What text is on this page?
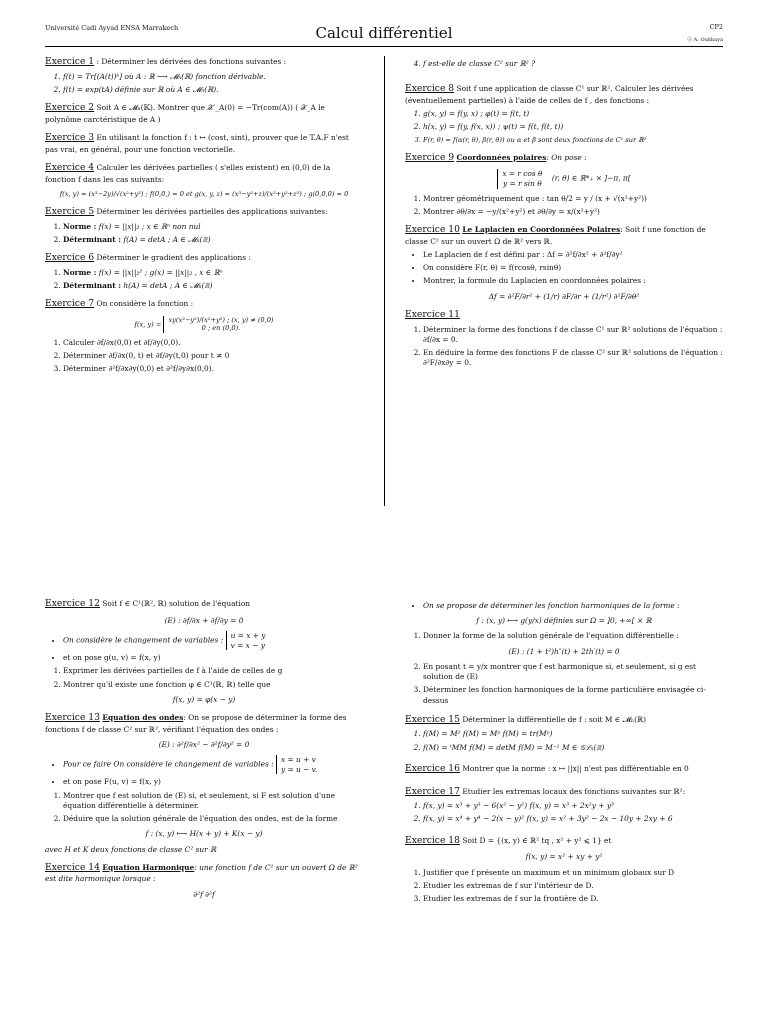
Université Cadi Ayyad ENSA Marrakech	Calcul différentiel	CP2
Ⓐ A. Ouhbaya
Exercice 1 : Déterminer les dérivées des fonctions suivantes :
1. f(t) = Tr[(A(t))ᵏ] où A : ℝ ⟶ 𝓜ₙ(ℝ) fonction dérivable.
2. f(t) = exp(tA) définie sur ℝ où A ∈ 𝓜ₙ(ℝ).
Exercice 2 Soit A ∈ 𝓜ₙ(𝕂). Montrer que 𝒳′_A(0) = −Tr(com(A)) ( 𝒳_A le polynôme carctéristique de A )
Exercice 3 En utilisant la fonction f : t ↦ (cost, sint), prouver que le T.A.F n'est pas vrai, en général, pour une fonction vectorielle.
Exercice 4 Calculer les dérivées partielles ( s'elles existent) en (0,0) de la fonction f dans les cas suivants:
f(x, y) = (x³−2y)/√(x²+y²) ; f(0,0,) = 0 et g(x, y, z) = (x³−y²+z)/(x²+y²+z²) ; g(0,0,0) = 0
Exercice 5 Déterminer les dérivées partielles des applications suivantes:
1. Norme : f(x) = ||x||₂ ; x ∈ ℝⁿ non nul
2. Déterminant : f(A) = detA ; A ∈ 𝓜ₙ(ℝ)
Exercice 6 Déterminer le gradient des applications :
1. Norme : f(x) = ||x||₂² ; g(x) = ||x||₂ , x ∈ ℝⁿ
2. Déterminant : h(A) = detA ; A ∈ 𝓜ₙ(ℝ)
Exercice 7 On considère la fonction :
f(x, y) = xy(x²−y²)/(x²+y²) ; (x, y) ≠ (0,0)
0 ; en (0,0).
1. Calculer ∂f/∂x(0,0) et ∂f/∂y(0,0).
2. Déterminer ∂f/∂x(0, t) et ∂f/∂y(t,0) pour t ≠ 0
3. Déterminer ∂²f/∂x∂y(0,0) et ∂²f/∂y∂x(0,0).
4. f est-elle de classe C² sur ℝ² ?
Exercice 8 Soit f une application de classe C¹ sur ℝ². Calculer les dérivées (éventuellement partielles) à l'aide de celles de f , des fonctions :
1. g(x, y) = f(y, x) ; φ(t) = f(t, t)
2. h(x, y) = f(y, f(x, x)) ; ψ(t) = f(t, f(t, t))
3. F(r, θ) = f(α(r, θ), β(r, θ)) ou α et β sont deux fonctions de C¹ sur ℝ²
Exercice 9 Coordonnées polaires: On pose :
x = r cos θ
y = r sin θ    (r, θ) ∈ ℝ*₊ × ]−π, π[
1. Montrer géométriquement que : tan θ/2 = y / (x + √(x²+y²))
2. Montrer ∂θ/∂x = −y/(x²+y²) et ∂θ/∂y = x/(x²+y²)
Exercice 10 Le Laplacien en Coordonnées Polaires: Soit f une fonction de classe C² sur un ouvert Ω de ℝ² vers ℝ.
• Le Laplacien de f est défini par : Δf = ∂²f/∂x² + ∂²f/∂y²
• On considère F(r, θ) = f(rcosθ, rsinθ)
• Montrer, la formule du Laplacien en coordonnées polaires :
Δf = ∂²F/∂r² + (1/r) ∂F/∂r + (1/r²) ∂²F/∂θ²
Exercice 11
1. Déterminer la forme des fonctions f de classe C¹ sur ℝ² solutions de l'équation : ∂f/∂x = 0.
2. En déduire la forme des fonctions F de classe C² sur ℝ² solutions de l'équation : ∂²F/∂x∂y = 0.
Exercice 12 Soit f ∈ C¹(ℝ², ℝ) solution de l'équation
(E) : ∂f/∂x + ∂f/∂y = 0
• On considère le changement de variables : u = x + y
v = x − y
• et on pose g(u, v) = f(x, y)
1. Exprimer les dérivées partielles de f à l'aide de celles de g
2. Montrer qu'il existe une fonction φ ∈ C¹(ℝ, ℝ) telle que
f(x, y) = φ(x − y)
Exercice 13 Equation des ondes: On se propose de déterminer la forme des fonctions f de classe C² sur ℝ², vérifiant l'équation des ondes :
(E) : ∂²f/∂x² − ∂²f/∂y² = 0
• Pour ce faire On considère le changement de variables : x = u + v
y = u − v.
• et on pose F(u, v) = f(x, y)
1. Montrer que f est solution de (E) si, et seulement, si F est solution d'une équation différentielle à déterminer.
2. Déduire que la solution générale de l'équation des ondes, est de la forme
f : (x, y) ⟼ H(x + y) + K(x − y)
avec H et K deux fonctions de classe C² sur ℝ
Exercice 14 Equation Harmonique: une fonction f de C² sur un ouvert Ω de ℝ² est dite harmonique lorsque :
∂²f ∂²f
• On se propose de déterminer les fonction harmoniques de la forme :
f : (x, y) ⟼ g(y/x) définies sur Ω = ]0, +∞[ × ℝ
1. Donner la forme de la solution générale de l'equation différentielle :
(E) : (1 + t²)h″(t) + 2th′(t) = 0
2. En posant t = y/x montrer que f est harmonique si, et seulement, si g est solution de (E)
3. Déterminer les fonction harmoniques de la forme particulière envisagée ci-dessus
Exercice 15 Déterminer la différentielle de f : soit M ∈ 𝓜ₙ(ℝ)
1. f(M) = M² f(M) = Mᵖ f(M) = tr(Mᵖ)
2. f(M) = ᵗMM f(M) = detM f(M) = M⁻¹ M ∈ 𝒢ℒₙ(ℝ)
Exercice 16 Montrer que la norme : x ↦ ||x|| n'est pas différentiable en 0
Exercice 17 Etudier les extremas locaux des fonctions suivantes sur ℝ²:
1. f(x, y) = x³ + y³ − 6(x² − y²) f(x, y) = x³ + 2x²y + y³
2. f(x, y) = x⁴ + y⁴ − 2(x − y)² f(x, y) = x² + 3y² − 2x − 10y + 2xy + 6
Exercice 18 Soit D = {(x, y) ∈ ℝ² tq , x² + y² ⩽ 1} et
f(x, y) = x² + xy + y²
1. Justifier que f présente un maximum et un minimum globaux sur D
2. Etudier les extremas de f sur l'intérieur de D.
3. Etudier les extremas de f sur la frontière de D.
